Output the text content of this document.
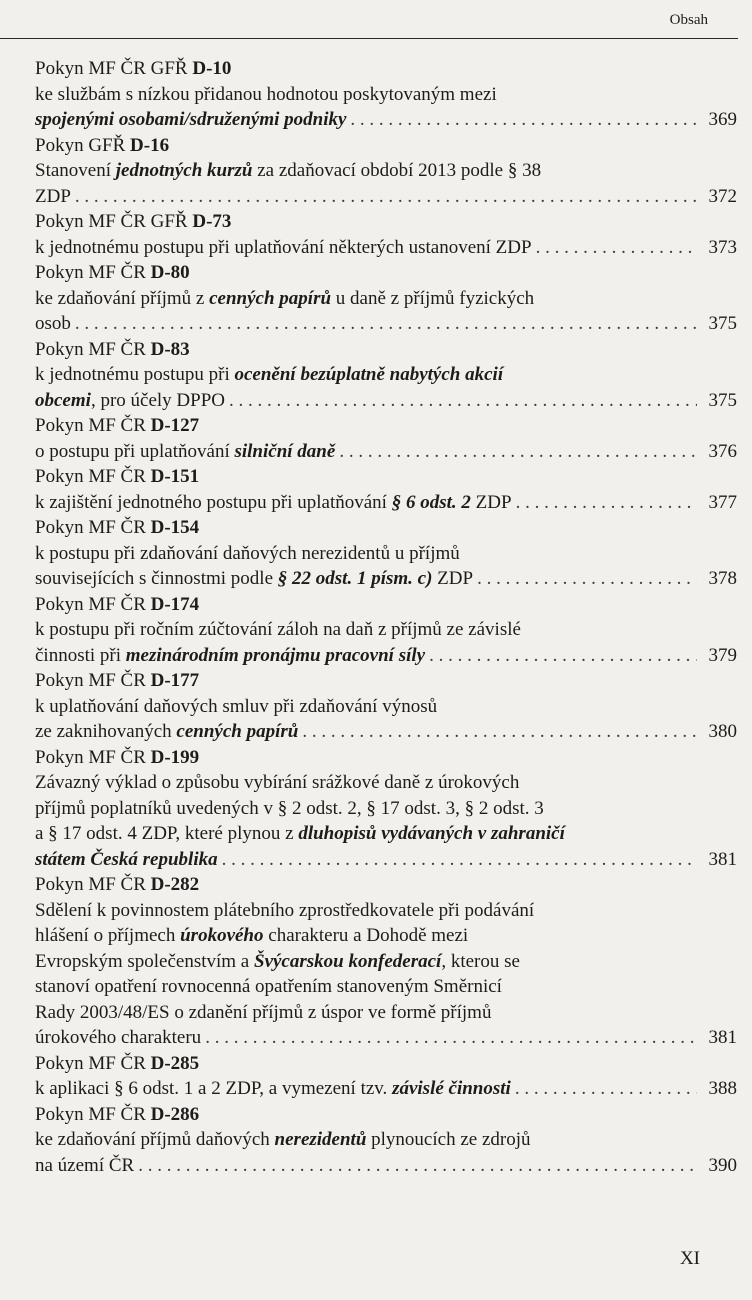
Obsah
Pokyn MF ČR GFŘ D-10
ke službám s nízkou přidanou hodnotou poskytovaným mezi
spojenými osobami/sdruženými podniky . . .	369
Pokyn GFŘ D-16
Stanovení jednotných kurzů za zdaňovací období 2013 podle § 38
ZDP . . .	372
Pokyn MF ČR GFŘ D-73
k jednotnému postupu při uplatňování některých ustanovení ZDP . . .	373
Pokyn MF ČR D-80
ke zdaňování příjmů z cenných papírů u daně z příjmů fyzických
osob . . .	375
Pokyn MF ČR D-83
k jednotnému postupu při ocenění bezúplatně nabytých akcií
obcemi, pro účely DPPO . . .	375
Pokyn MF ČR D-127
o postupu při uplatňování silniční daně . . .	376
Pokyn MF ČR D-151
k zajištění jednotného postupu při uplatňování § 6 odst. 2 ZDP . . .	377
Pokyn MF ČR D-154
k postupu při zdaňování daňových nerezidentů u příjmů
souvisejících s činnostmi podle § 22 odst. 1 písm. c) ZDP . . .	378
Pokyn MF ČR D-174
k postupu při ročním zúčtování záloh na daň z příjmů ze závislé
činnosti při mezinárodním pronájmu pracovní síly . . .	379
Pokyn MF ČR D-177
k uplatňování daňových smluv při zdaňování výnosů
ze zaknihovaných cenných papírů . . .	380
Pokyn MF ČR D-199
Závazný výklad o způsobu vybírání srážkové daně z úrokových
příjmů poplatníků uvedených v § 2 odst. 2, § 17 odst. 3, § 2 odst. 3
a § 17 odst. 4 ZDP, které plynou z dluhopisů vydávaných v zahraničí
státem Česká republika . . .	381
Pokyn MF ČR D-282
Sdělení k povinnostem plátebního zprostředkovatele při podávání
hlášení o příjmech úrokového charakteru a Dohodě mezi
Evropským společenstvím a Švýcarskou konfederací, kterou se
stanoví opatření rovnocenná opatřením stanoveným Směrnicí
Rady 2003/48/ES o zdanění příjmů z úspor ve formě příjmů
úrokového charakteru . . .	381
Pokyn MF ČR D-285
k aplikaci § 6 odst. 1 a 2 ZDP, a vymezení tzv. závislé činnosti . . .	388
Pokyn MF ČR D-286
ke zdaňování příjmů daňových nerezidentů plynoucích ze zdrojů
na území ČR . . .	390
XI
